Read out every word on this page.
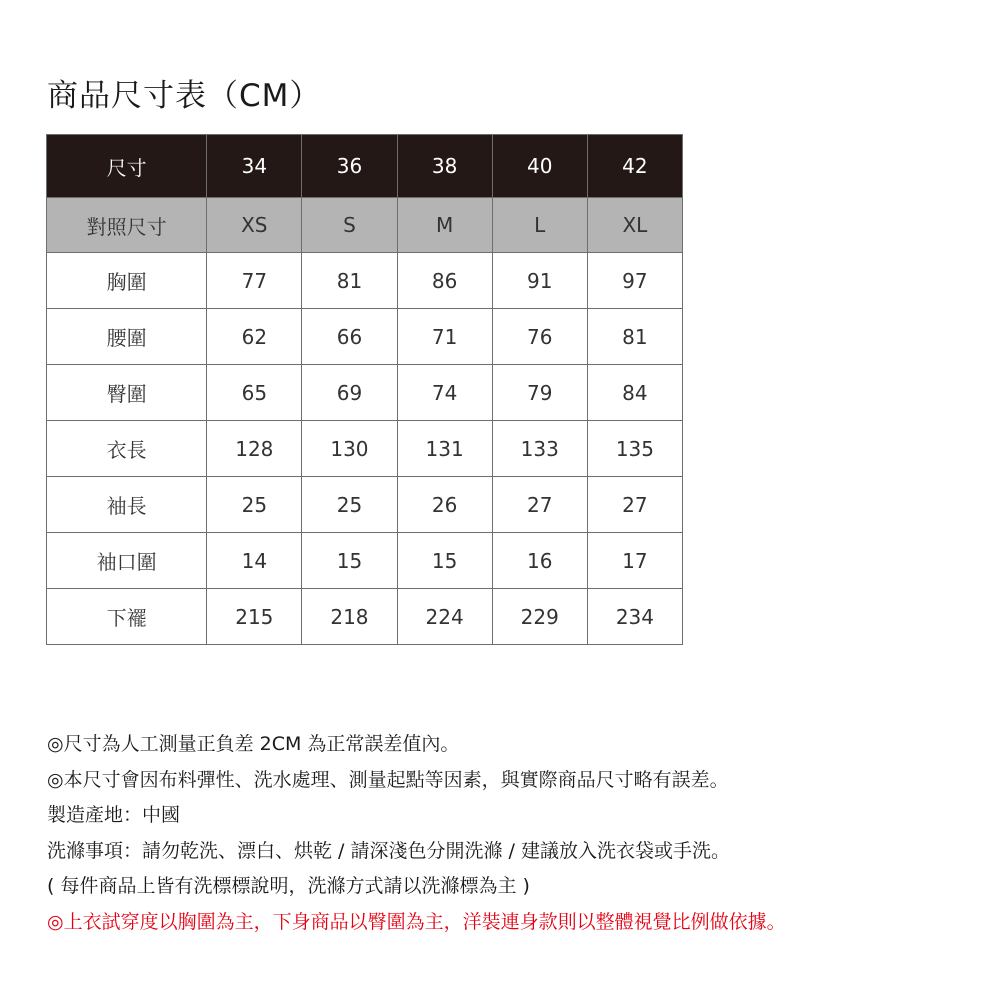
商品尺寸表（CM）
尺寸	34	36	38	40	42
對照尺寸	XS	S	M	L	XL
胸圍	77	81	86	91	97
腰圍	62	66	71	76	81
臀圍	65	69	74	79	84
衣長	128	130	131	133	135
袖長	25	25	26	27	27
袖口圍	14	15	15	16	17
下襬	215	218	224	229	234
◎尺寸為人工測量正負差 2CM 為正常誤差值內。
◎本尺寸會因布料彈性、洗水處理、測量起點等因素，與實際商品尺寸略有誤差。
製造產地：中國
洗滌事項：請勿乾洗、漂白、烘乾 / 請深淺色分開洗滌 / 建議放入洗衣袋或手洗。
( 每件商品上皆有洗標標說明，洗滌方式請以洗滌標為主 )
◎上衣試穿度以胸圍為主，下身商品以臀圍為主，洋裝連身款則以整體視覺比例做依據。
